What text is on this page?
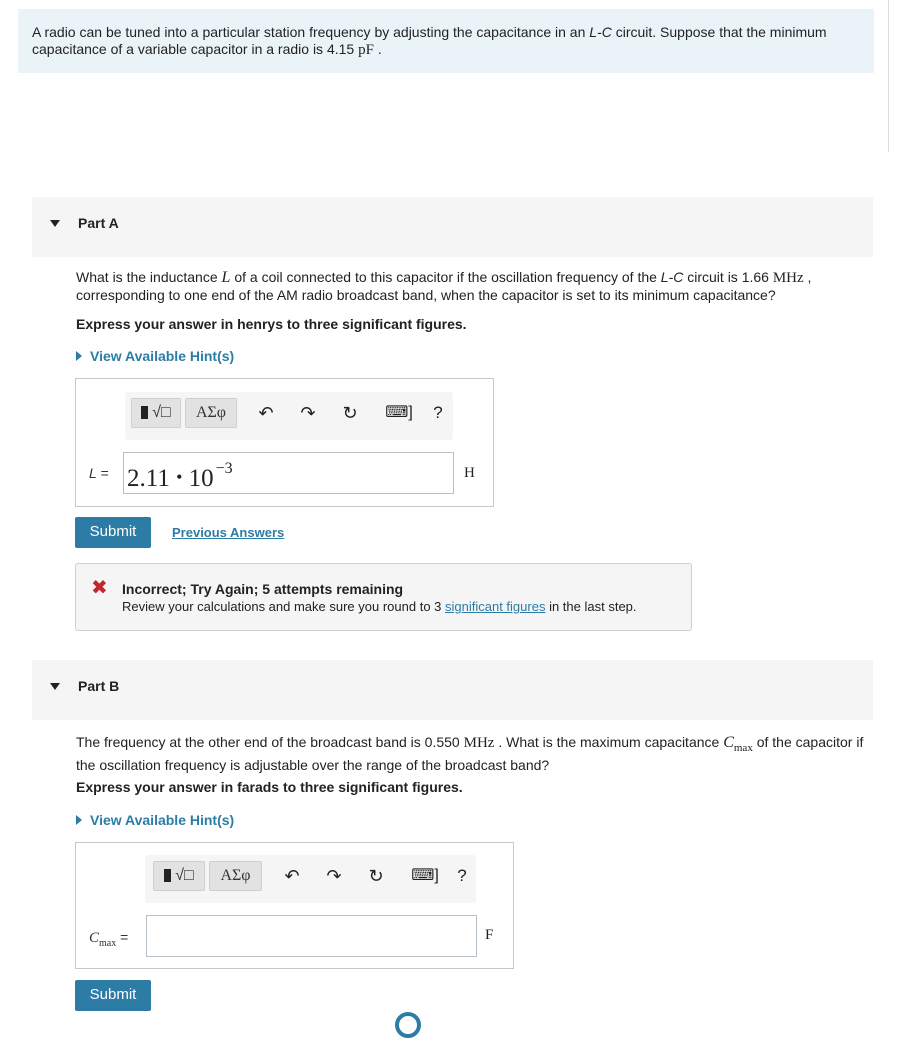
A radio can be tuned into a particular station frequency by adjusting the capacitance in an L-C circuit. Suppose that the minimum capacitance of a variable capacitor in a radio is 4.15 pF .
Part A
What is the inductance L of a coil connected to this capacitor if the oscillation frequency of the L-C circuit is 1.66 MHz , corresponding to one end of the AM radio broadcast band, when the capacitor is set to its minimum capacitance?
Express your answer in henrys to three significant figures.
View Available Hint(s)
√□	ΑΣφ	↶ ↷ ↻ ⌨]	?
L = 2.11 • 10 $^{-3}$	H
Submit	Previous Answers
✖ Incorrect; Try Again; 5 attempts remaining
Review your calculations and make sure you round to 3 significant figures in the last step.
Part B
The frequency at the other end of the broadcast band is 0.550 MHz . What is the maximum capacitance $C_{max}$ of the capacitor if the oscillation frequency is adjustable over the range of the broadcast band?
Express your answer in farads to three significant figures.
View Available Hint(s)
√□	ΑΣφ	↶ ↷ ↻ ⌨]	?
$C_{max}$ =	F
Submit
